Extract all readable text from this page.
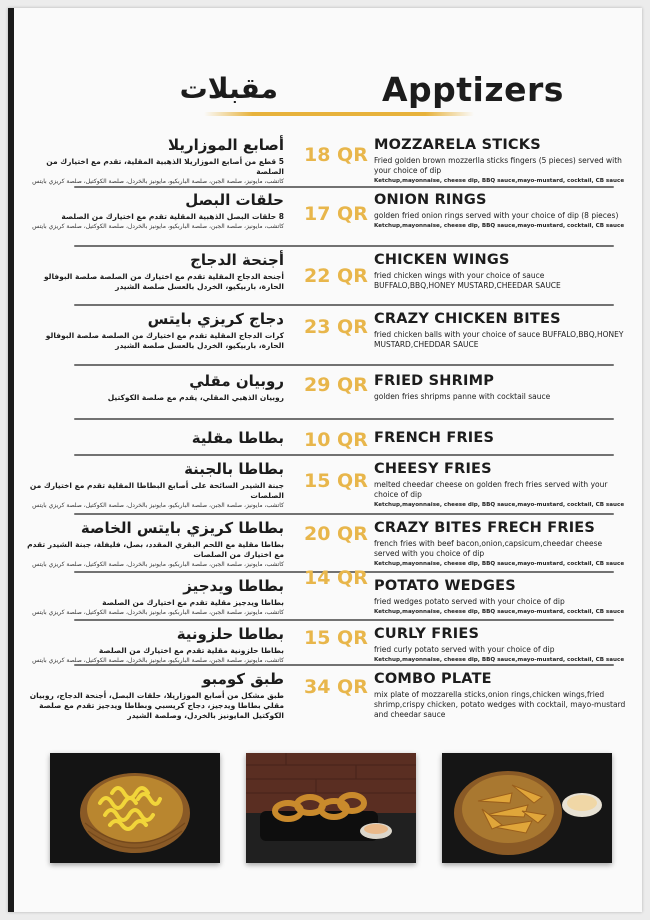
مقبلات	Apptizers
أصابع الموزاريلا
5 قطع من أصابع الموزاريلا الذهبية المقلية، تقدم مع اختيارك من الصلصة
كاتشب، مايونيز، صلصة الجبن، صلصة الباربكيو، مايونيز بالخردل، صلصة الكوكتيل، صلصة كريزي بايتس
18 QR MOZZARELA STICKS
Fried golden brown mozzerlla sticks fingers (5 pieces) served with your choice of dip
Ketchup,mayonnaise, cheese dip, BBQ sauce,mayo-mustard, cocktail, CB sauce
حلقات البصل
8 حلقات البصل الذهبية المقلية تقدم مع اختيارك من الصلصة
كاتشب، مايونيز، صلصة الجبن، صلصة الباربكيو، مايونيز بالخردل، صلصة الكوكتيل، صلصة كريزي بايتس
17 QR
ONION RINGS
golden fried onion rings served with your choice of dip (8 pieces)
Ketchup,mayonnaise, cheese dip, BBQ sauce,mayo-mustard, cocktail, CB sauce
أجنحة الدجاج
أجنحة الدجاج المقلية تقدم مع اختيارك من الصلصة صلصة البوفالو الحارة، باربيكيو، الخردل بالعسل صلصة الشيدر 22 QR
CHICKEN WINGS
fried chicken wings with your choice of sauce BUFFALO,BBQ,HONEY MUSTARD,CHEEDAR SAUCE
دجاج كريزي بايتس
كرات الدجاج المقلية تقدم مع اختيارك من الصلصة صلصة البوفالو الحارة، باربيكيو، الخردل بالعسل صلصة الشيدر
23 QR CRAZY CHICKEN BITES
fried chicken balls with your choice of sauce BUFFALO,BBQ,HONEY MUSTARD,CHEDDAR SAUCE
روبيان مقلي
روبيان الذهبي المقلي، يقدم مع صلصة الكوكتيل
29 QR FRIED SHRIMP
golden fries shripms panne with cocktail sauce
بطاطا مقلية 10 QR FRENCH FRIES
بطاطا بالجبنة
جبنة الشيدر السائحة على أصابع البطاطا المقلية تقدم مع اختيارك من الصلصات
كاتشب، مايونيز، صلصة الجبن، صلصة الباربكيو، مايونيز بالخردل، صلصة الكوكتيل، صلصة كريزي بايتس
15 QR
CHEESY FRIES
melted cheedar cheese on golden frech fries served with your choice of dip
Ketchup,mayonnaise, cheese dip, BBQ sauce,mayo-mustard, cocktail, CB sauce
بطاطا كريزي بايتس الخاصة
بطاطا مقلية مع اللحم البقري المقدد، بصل، فليفلة، جبنة الشيدر تقدم مع اختيارك من الصلصات
كاتشب، مايونيز، صلصة الجبن، صلصة الباربكيو، مايونيز بالخردل، صلصة الكوكتيل، صلصة كريزي بايتس
20 QR CRAZY BITES FRECH FRIES
french fries with beef bacon,onion,capsicum,cheedar cheese served with you choice of dip
Ketchup,mayonnaise, cheese dip, BBQ sauce,mayo-mustard, cocktail, CB sauce
بطاطا ويدجيز
بطاطا ويدجيز مقلية تقدم مع اختيارك من الصلصة
كاتشب، مايونيز، صلصة الجبن، صلصة الباربكيو، مايونيز بالخردل، صلصة الكوكتيل، صلصة كريزي بايتس
14 QR POTATO WEDGES
fried wedges potato served with your choice of dip
Ketchup,mayonnaise, cheese dip, BBQ sauce,mayo-mustard, cocktail, CB sauce
بطاطا حلزونية
بطاطا حلزونية مقلية تقدم مع اختيارك من الصلصة
كاتشب، مايونيز، صلصة الجبن، صلصة الباربكيو، مايونيز بالخردل، صلصة الكوكتيل، صلصة كريزي بايتس
15 QR CURLY FRIES
fried curly potato served with your choice of dip
Ketchup,mayonnaise, cheese dip, BBQ sauce,mayo-mustard, cocktail, CB sauce
طبق كومبو
طبق مشكل من أصابع الموزاريلا، حلقات البصل، أجنحة الدجاج، روبيان مقلي بطاطا ويدجيز، دجاج كريسبي وبطاطا ويدجيز تقدم مع صلصة الكوكتيل المايونيز بالخردل، وصلصة الشيدر
34 QR COMBO PLATE
mix plate of mozzarella sticks,onion rings,chicken wings,fried shrimp,crispy chicken, potato wedges with cocktail, mayo-mustard and cheedar sauce
